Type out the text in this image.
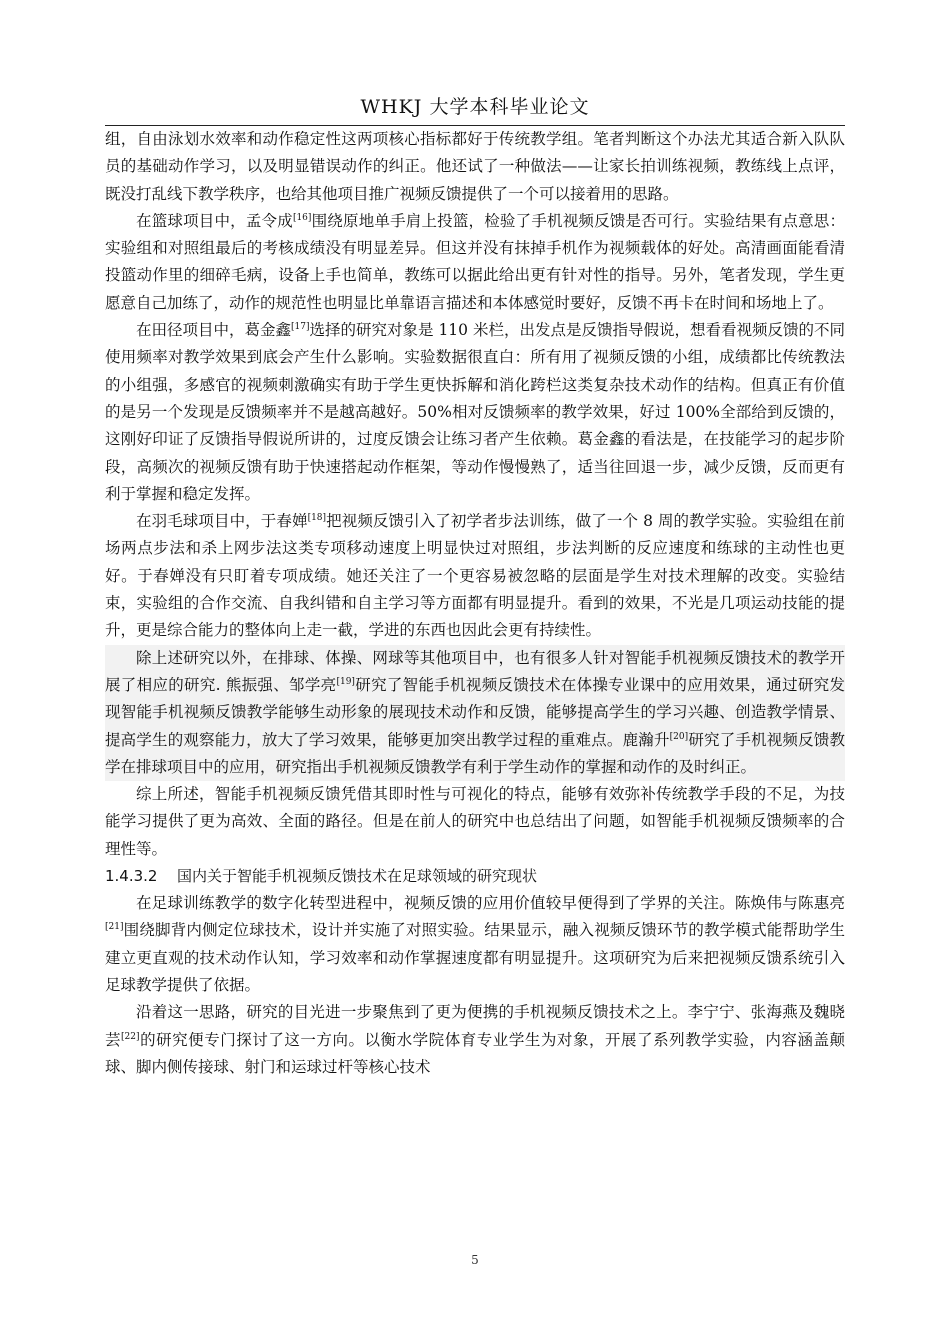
WHKJ 大学本科毕业论文

组，自由泳划水效率和动作稳定性这两项核心指标都好于传统教学组。笔者判断这个办法尤其适合新入队队员的基础动作学习，以及明显错误动作的纠正。他还试了一种做法——让家长拍训练视频，教练线上点评，既没打乱线下教学秩序，也给其他项目推广视频反馈提供了一个可以接着用的思路。

在篮球项目中，孟令成[16]围绕原地单手肩上投篮，检验了手机视频反馈是否可行。实验结果有点意思：实验组和对照组最后的考核成绩没有明显差异。但这并没有抹掉手机作为视频载体的好处。高清画面能看清投篮动作里的细碎毛病，设备上手也简单，教练可以据此给出更有针对性的指导。另外，笔者发现，学生更愿意自己加练了，动作的规范性也明显比单靠语言描述和本体感觉时要好，反馈不再卡在时间和场地上了。

在田径项目中，葛金鑫[17]选择的研究对象是 110 米栏，出发点是反馈指导假说，想看看视频反馈的不同使用频率对教学效果到底会产生什么影响。实验数据很直白：所有用了视频反馈的小组，成绩都比传统教法的小组强，多感官的视频刺激确实有助于学生更快拆解和消化跨栏这类复杂技术动作的结构。但真正有价值的是另一个发现是反馈频率并不是越高越好。50%相对反馈频率的教学效果，好过 100%全部给到反馈的，这刚好印证了反馈指导假说所讲的，过度反馈会让练习者产生依赖。葛金鑫的看法是，在技能学习的起步阶段，高频次的视频反馈有助于快速搭起动作框架，等动作慢慢熟了，适当往回退一步，减少反馈，反而更有利于掌握和稳定发挥。

在羽毛球项目中，于春婵[18]把视频反馈引入了初学者步法训练，做了一个 8 周的教学实验。实验组在前场两点步法和杀上网步法这类专项移动速度上明显快过对照组，步法判断的反应速度和练球的主动性也更好。于春婵没有只盯着专项成绩。她还关注了一个更容易被忽略的层面是学生对技术理解的改变。实验结束，实验组的合作交流、自我纠错和自主学习等方面都有明显提升。看到的效果，不光是几项运动技能的提升，更是综合能力的整体向上走一截，学进的东西也因此会更有持续性。

除上述研究以外，在排球、体操、网球等其他项目中，也有很多人针对智能手机视频反馈技术的教学开展了相应的研究. 熊振强、邹学亮[19]研究了智能手机视频反馈技术在体操专业课中的应用效果，通过研究发现智能手机视频反馈教学能够生动形象的展现技术动作和反馈，能够提高学生的学习兴趣、创造教学情景、提高学生的观察能力，放大了学习效果，能够更加突出教学过程的重难点。鹿瀚升[20]研究了手机视频反馈教学在排球项目中的应用，研究指出手机视频反馈教学有利于学生动作的掌握和动作的及时纠正。

综上所述，智能手机视频反馈凭借其即时性与可视化的特点，能够有效弥补传统教学手段的不足，为技能学习提供了更为高效、全面的路径。但是在前人的研究中也总结出了问题，如智能手机视频反馈频率的合理性等。

1.4.3.2 国内关于智能手机视频反馈技术在足球领域的研究现状

在足球训练教学的数字化转型进程中，视频反馈的应用价值较早便得到了学界的关注。陈焕伟与陈惠亮[21]围绕脚背内侧定位球技术，设计并实施了对照实验。结果显示，融入视频反馈环节的教学模式能帮助学生建立更直观的技术动作认知，学习效率和动作掌握速度都有明显提升。这项研究为后来把视频反馈系统引入足球教学提供了依据。

沿着这一思路，研究的目光进一步聚焦到了更为便携的手机视频反馈技术之上。李宁宁、张海燕及魏晓芸[22]的研究便专门探讨了这一方向。以衡水学院体育专业学生为对象，开展了系列教学实验，内容涵盖颠球、脚内侧传接球、射门和运球过杆等核心技术

5
